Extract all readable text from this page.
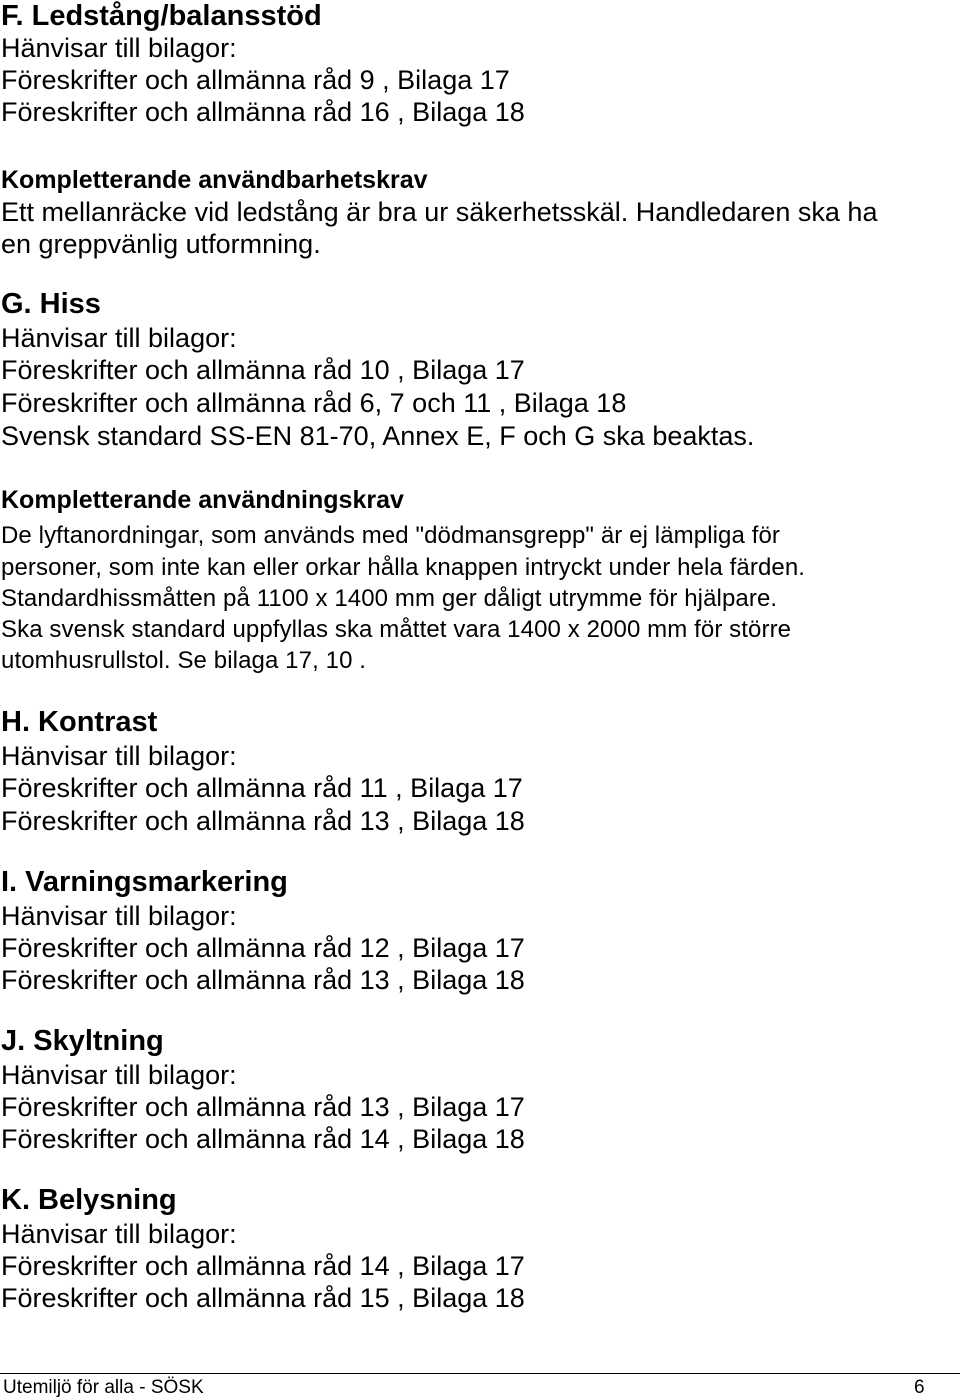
F. Ledstång/balansstöd
Hänvisar till bilagor:
Föreskrifter och allmänna råd 9 , Bilaga 17
Föreskrifter och allmänna råd 16 , Bilaga 18
Kompletterande användbarhetskrav
Ett mellanräcke vid ledstång är bra ur säkerhetsskäl. Handledaren ska ha
en greppvänlig utformning.
G. Hiss
Hänvisar till bilagor:
Föreskrifter och allmänna råd 10 , Bilaga 17
Föreskrifter och allmänna råd 6, 7 och 11 , Bilaga 18
Svensk standard SS-EN 81-70, Annex E, F och G ska beaktas.
Kompletterande användningskrav
De lyftanordningar, som används med "dödmansgrepp" är ej lämpliga för
personer, som inte kan eller orkar hålla knappen intryckt under hela färden.
Standardhissmåtten på 1100 x 1400 mm ger dåligt utrymme för hjälpare.
Ska svensk standard uppfyllas ska måttet vara 1400 x 2000 mm för större
utomhusrullstol. Se bilaga 17, 10 .
H. Kontrast
Hänvisar till bilagor:
Föreskrifter och allmänna råd 11 , Bilaga 17
Föreskrifter och allmänna råd 13 , Bilaga 18
I. Varningsmarkering
Hänvisar till bilagor:
Föreskrifter och allmänna råd 12 , Bilaga 17
Föreskrifter och allmänna råd 13 , Bilaga 18
J. Skyltning
Hänvisar till bilagor:
Föreskrifter och allmänna råd 13 , Bilaga 17
Föreskrifter och allmänna råd 14 , Bilaga 18
K. Belysning
Hänvisar till bilagor:
Föreskrifter och allmänna råd 14 , Bilaga 17
Föreskrifter och allmänna råd 15 , Bilaga 18
Utemiljö för alla - SÖSK	6
